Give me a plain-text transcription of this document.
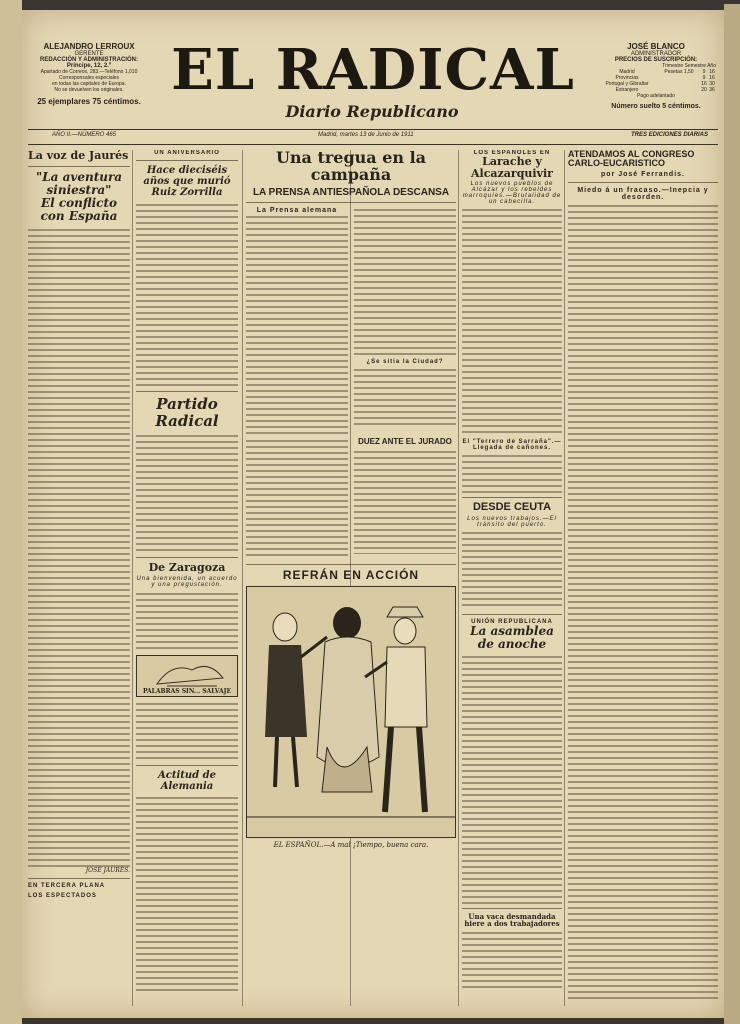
ALEJANDRO LERROUX
GERENTE
REDACCIÓN Y ADMINISTRACIÓN:
Príncipe, 12, 2.º
Apartado de Correos, 283.—Teléfono 1,010
Corresponsales especiales
en todas las capitales de Europa.
No se devuelven los originales.
25 ejemplares 75 céntimos. EL RADICAL
Diario Republicano
JOSÉ BLANCO
ADMINISTRADOR
PRECIOS DE SUSCRIPCIÓN:
Trimestre Semestre Año
Madrid	Pesetas 1,50	9	16
Provincias		9	16
Portugal y Gibraltar		16	30
Extranjero		20	36
Pago adelantado
Número suelto 5 céntimos.
AÑO II.—NÚMERO 465	Madrid, martes 13 de Junio de 1911	TRES EDICIONES DIARIAS
La voz de Jaurés
"La aventura siniestra"
El conflicto con España
JOSÉ JAURÉS.
EN TERCERA PLANA
LOS ESPECTADOS
UN ANIVERSARIO
Hace dieciséis años que murió Ruiz Zorrilla
Partido Radical
De Zaragoza
Una bienvenida, un acuerdo y una pregustación.
PALABRAS SIN... SALVAJE
Actitud de Alemania
Una tregua en la campaña
LA PRENSA ANTIESPAÑOLA DESCANSA
La Prensa alemana
¿Se sitia la Ciudad?
DUEZ ANTE EL JURADO
REFRÁN EN ACCIÓN
EL ESPAÑOL.—A mal ¡Tiempo, buena cara.
LOS ESPAÑOLES EN
Larache y Alcazarquivir
Los nuevos pueblos de Alcázar y los rebeldes marroquíes.—Brutalidad de un cabecilla.
El "Terrero de Sarraña".—Llegada de cañones.
DESDE CEUTA
Los nuevos trabajos.—El tránsito del puerto.
UNIÓN REPUBLICANA
La asamblea de anoche
Una vaca desmandada hiere a dos trabajadores
ATENDAMOS AL CONGRESO CARLO-EUCARISTICO
por José Ferrandis.
Miedo á un fracaso.—Inepcia y desorden.
